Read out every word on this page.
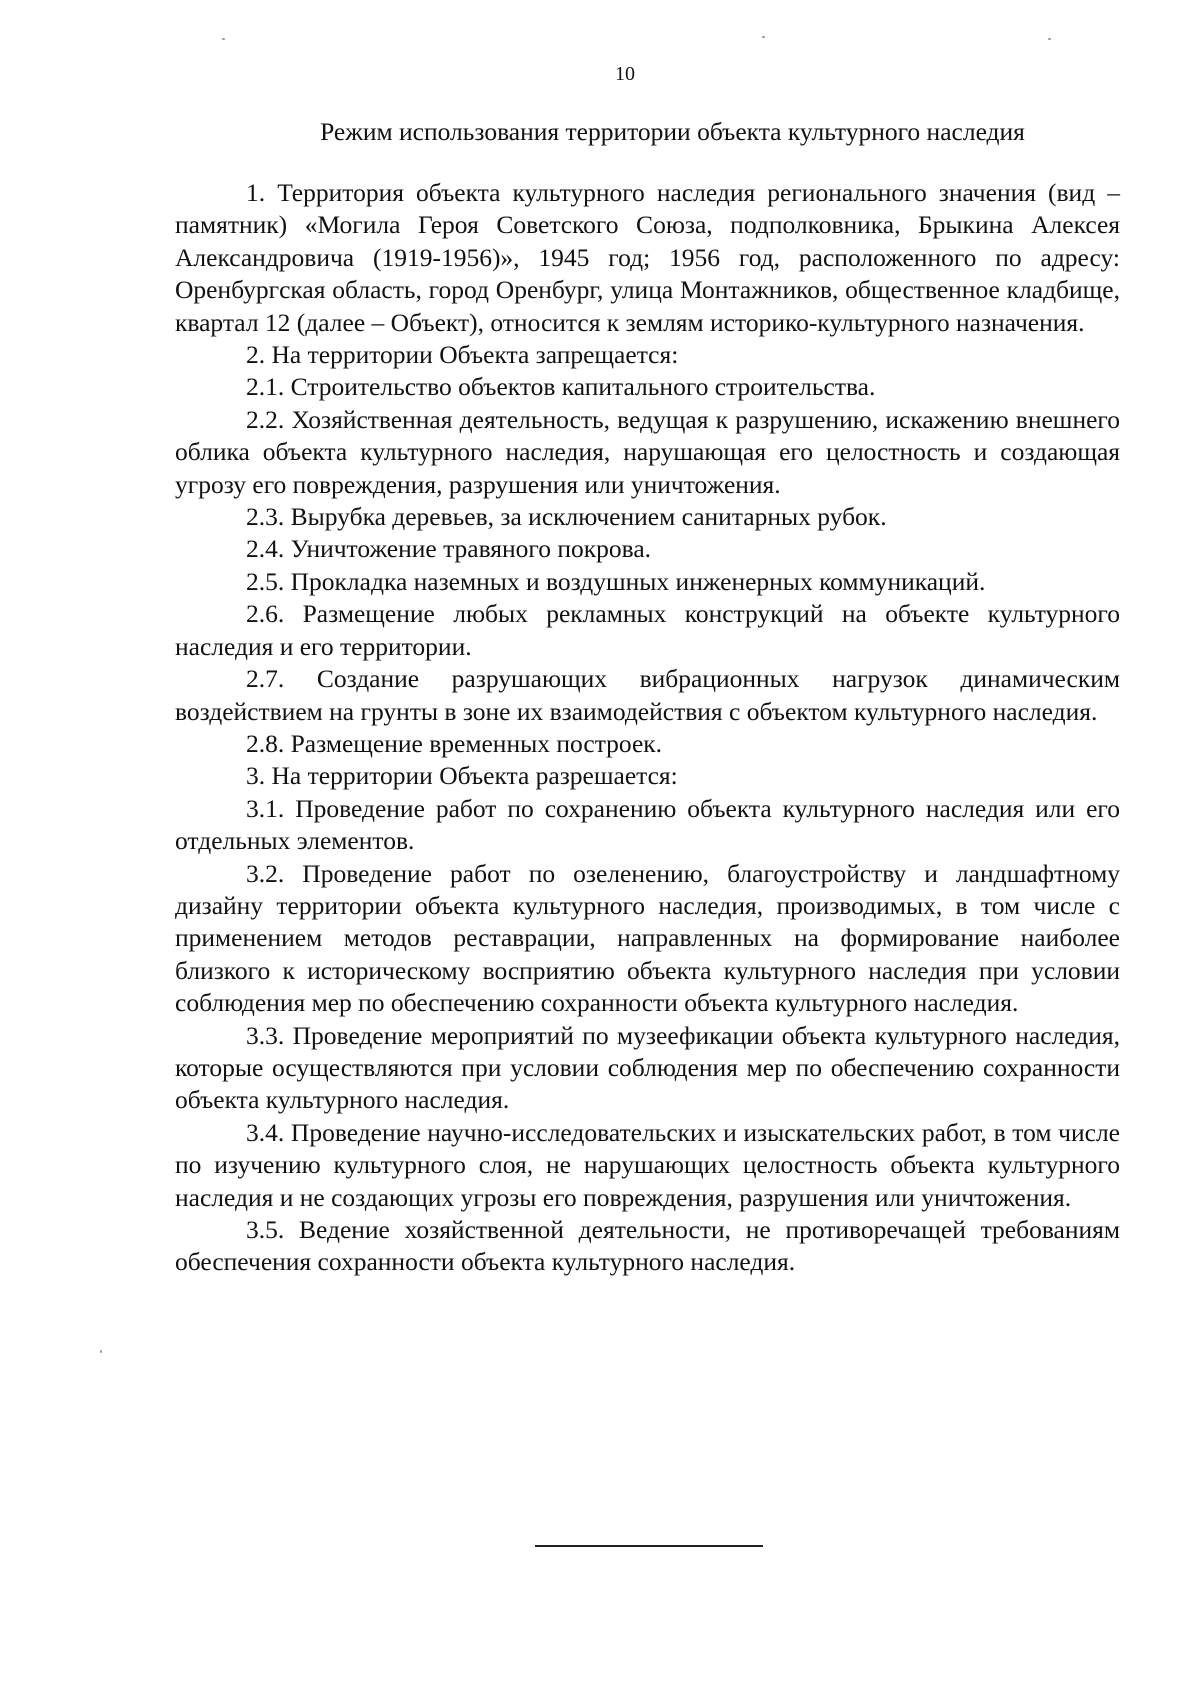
10
Режим использования территории объекта культурного наследия

1. Территория объекта культурного наследия регионального значения (вид – памятник) «Могила Героя Советского Союза, подполковника, Брыкина Алексея Александровича (1919-1956)», 1945 год; 1956 год, расположенного по адресу: Оренбургская область, город Оренбург, улица Монтажников, общественное кладбище, квартал 12 (далее – Объект), относится к землям историко-культурного назначения.

2. На территории Объекта запрещается:

2.1. Строительство объектов капитального строительства.

2.2. Хозяйственная деятельность, ведущая к разрушению, искажению внешнего облика объекта культурного наследия, нарушающая его целостность и создающая угрозу его повреждения, разрушения или уничтожения.

2.3. Вырубка деревьев, за исключением санитарных рубок.

2.4. Уничтожение травяного покрова.

2.5. Прокладка наземных и воздушных инженерных коммуникаций.

2.6. Размещение любых рекламных конструкций на объекте культурного наследия и его территории.

2.7. Создание разрушающих вибрационных нагрузок динамическим воздействием на грунты в зоне их взаимодействия с объектом культурного наследия.

2.8. Размещение временных построек.

3. На территории Объекта разрешается:

3.1. Проведение работ по сохранению объекта культурного наследия или его отдельных элементов.

3.2. Проведение работ по озеленению, благоустройству и ландшафтному дизайну территории объекта культурного наследия, производимых, в том числе с применением методов реставрации, направленных на формирование наиболее близкого к историческому восприятию объекта культурного наследия при условии соблюдения мер по обеспечению сохранности объекта культурного наследия.

3.3. Проведение мероприятий по музеефикации объекта культурного наследия, которые осуществляются при условии соблюдения мер по обеспечению сохранности объекта культурного наследия.

3.4. Проведение научно-исследовательских и изыскательских работ, в том числе по изучению культурного слоя, не нарушающих целостность объекта культурного наследия и не создающих угрозы его повреждения, разрушения или уничтожения.

3.5. Ведение хозяйственной деятельности, не противоречащей требованиям обеспечения сохранности объекта культурного наследия.
